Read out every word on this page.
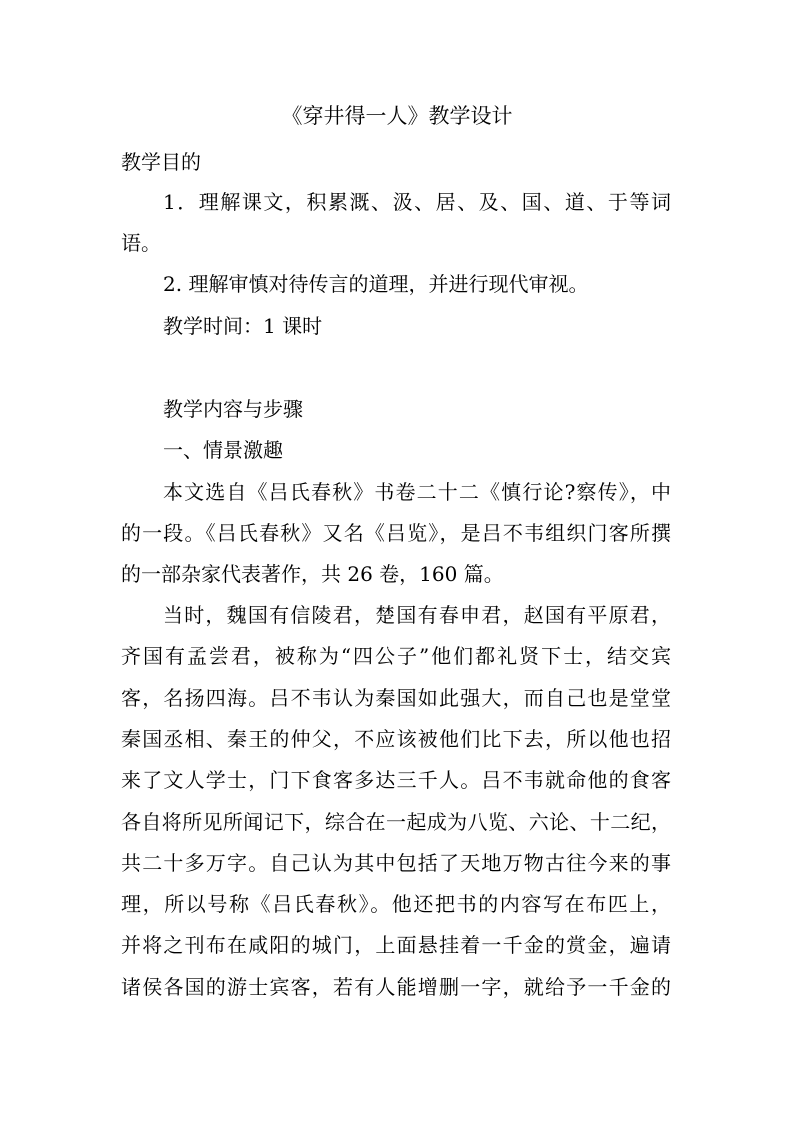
《穿井得一人》教学设计
教学目的
1．理解课文，积累溉、汲、居、及、国、道、于等词
语。
2. 理解审慎对待传言的道理，并进行现代审视。
教学时间：1 课时
教学内容与步骤
一、情景激趣
本文选自《吕氏春秋》书卷二十二《慎行论?察传》，中
的一段。《吕氏春秋》又名《吕览》，是吕不韦组织门客所撰
的一部杂家代表著作，共 26 卷，160 篇。
当时，魏国有信陵君，楚国有春申君，赵国有平原君，
齐国有孟尝君，被称为“四公子”他们都礼贤下士，结交宾
客，名扬四海。吕不韦认为秦国如此强大，而自己也是堂堂
秦国丞相、秦王的仲父，不应该被他们比下去，所以他也招
来了文人学士，门下食客多达三千人。吕不韦就命他的食客
各自将所见所闻记下，综合在一起成为八览、六论、十二纪，
共二十多万字。自己认为其中包括了天地万物古往今来的事
理，所以号称《吕氏春秋》。他还把书的内容写在布匹上，
并将之刊布在咸阳的城门，上面悬挂着一千金的赏金，遍请
诸侯各国的游士宾客，若有人能增删一字，就给予一千金的
